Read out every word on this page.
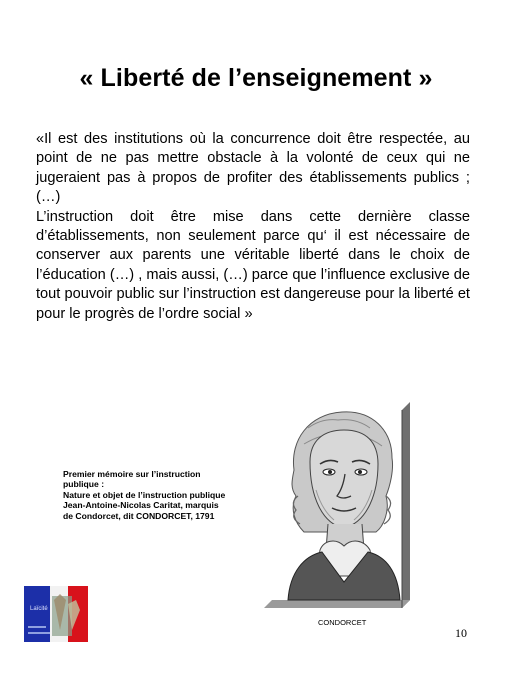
« Liberté de l’enseignement »

«Il est des institutions où la concurrence doit être respectée, au point de ne pas mettre obstacle à la volonté de ceux qui ne jugeraient pas à propos de profiter des établissements publics ; (…)

L’instruction doit être mise dans cette dernière classe d’établissements, non seulement parce qu‘ il est nécessaire de conserver aux parents une véritable liberté dans le choix de l’éducation (…) , mais aussi, (…) parce que l’influence exclusive de tout pouvoir public sur l’instruction est dangereuse pour la liberté et pour le progrès de l’ordre social »

Premier mémoire sur l’instruction
publique :
Nature et objet de l’instruction publique
Jean-Antoine-Nicolas Caritat, marquis
de Condorcet, dit CONDORCET, 1791
CONDORCET
Laïcité
10
